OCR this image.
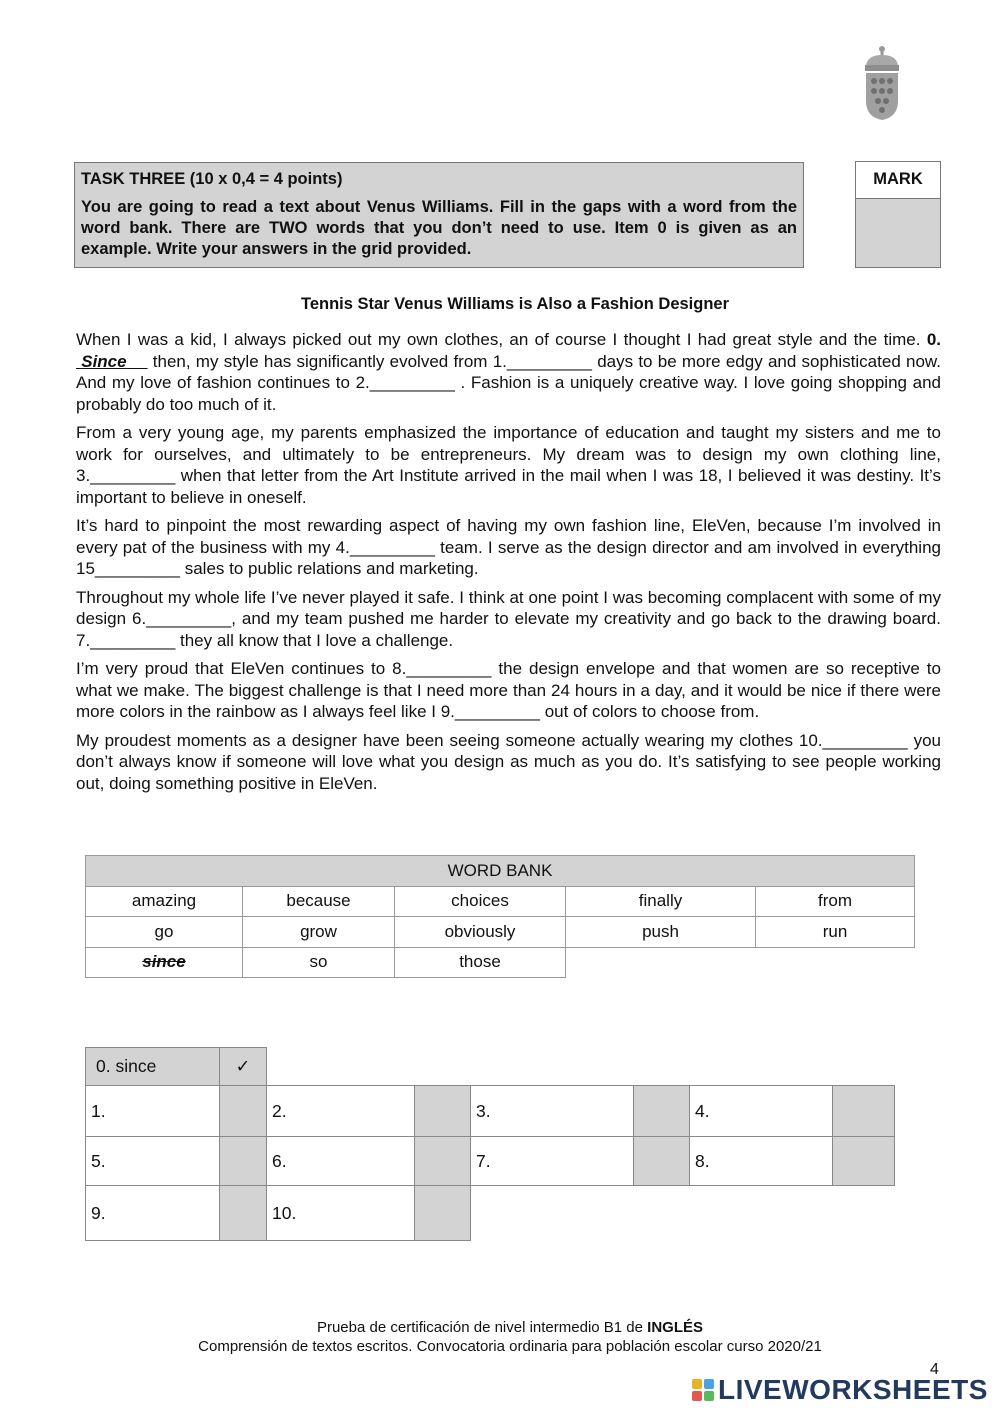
TASK THREE (10 x 0,4 = 4 points)
You are going to read a text about Venus Williams. Fill in the gaps with a word from the word bank. There are TWO words that you don’t need to use. Item 0 is given as an example. Write your answers in the grid provided.
MARK
Tennis Star Venus Williams is Also a Fashion Designer

When I was a kid, I always picked out my own clothes, an of course I thought I had great style and the time. 0. Since then, my style has significantly evolved from 1._________ days to be more edgy and sophisticated now. And my love of fashion continues to 2._________ . Fashion is a uniquely creative way. I love going shopping and probably do too much of it.

From a very young age, my parents emphasized the importance of education and taught my sisters and me to work for ourselves, and ultimately to be entrepreneurs. My dream was to design my own clothing line, 3._________ when that letter from the Art Institute arrived in the mail when I was 18, I believed it was destiny. It’s important to believe in oneself.

It’s hard to pinpoint the most rewarding aspect of having my own fashion line, EleVen, because I’m involved in every pat of the business with my 4._________ team. I serve as the design director and am involved in everything 15_________ sales to public relations and marketing.

Throughout my whole life I’ve never played it safe. I think at one point I was becoming complacent with some of my design 6._________, and my team pushed me harder to elevate my creativity and go back to the drawing board. 7._________ they all know that I love a challenge.

I’m very proud that EleVen continues to 8._________ the design envelope and that women are so receptive to what we make. The biggest challenge is that I need more than 24 hours in a day, and it would be nice if there were more colors in the rainbow as I always feel like I 9._________ out of colors to choose from.

My proudest moments as a designer have been seeing someone actually wearing my clothes 10._________ you don’t always know if someone will love what you design as much as you do. It’s satisfying to see people working out, doing something positive in EleVen.

WORD BANK				
amazing	because	choices	finally	from
go	grow	obviously	push	run
since	so	those		
0. since	✓						
1.		2.		3.		4.	
5.		6.		7.		8.	
9.		10.					
Prueba de certificación de nivel intermedio B1 de INGLÉS
Comprensión de textos escritos. Convocatoria ordinaria para población escolar curso 2020/21
4
LIVEWORKSHEETS
